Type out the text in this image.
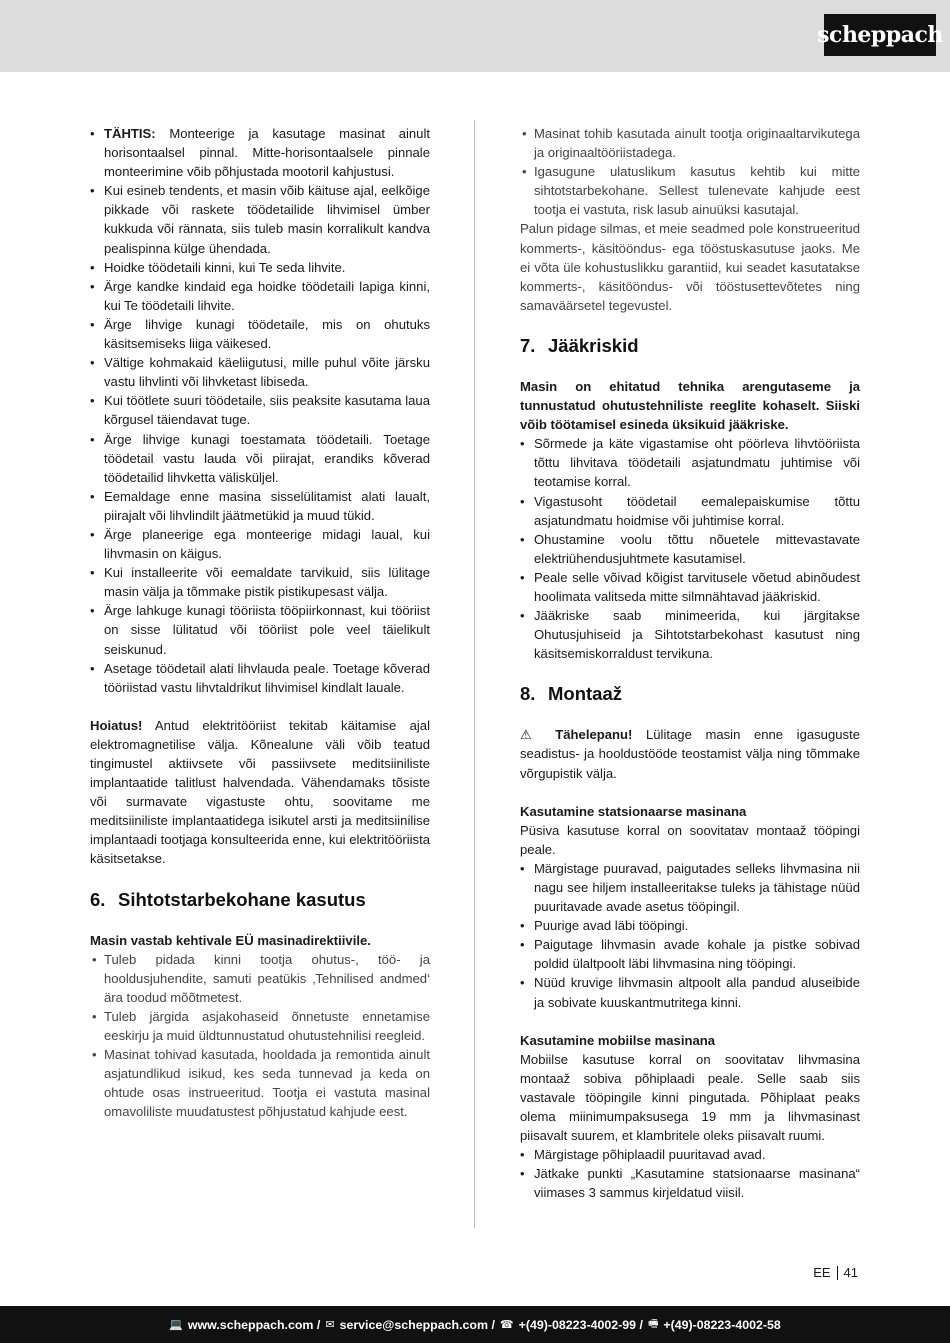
scheppach
• TÄHTIS: Monteerige ja kasutage masinat ainult horisontaalsel pinnal. Mitte-horisontaalsele pinnale monteerimine võib põhjustada mootoril kahjustusi.
• Kui esineb tendents, et masin võib käituse ajal, eelkõige pikkade või raskete töödetailide lihvimisel ümber kukkuda või rännata, siis tuleb masin korralikult kandva pealispinna külge ühendada.
• Hoidke töödetaili kinni, kui Te seda lihvite.
• Ärge kandke kindaid ega hoidke töödetaili lapiga kinni, kui Te töödetaili lihvite.
• Ärge lihvige kunagi töödetaile, mis on ohutuks käsitsemiseks liiga väikesed.
• Vältige kohmakaid käeliigutusi, mille puhul võite järsku vastu lihvlinti või lihvketast libiseda.
• Kui töötlete suuri töödetaile, siis peaksite kasutama laua kõrgusel täiendavat tuge.
• Ärge lihvige kunagi toestamata töödetaili. Toetage töödetail vastu lauda või piirajat, erandiks kõverad töödetailid lihvketta välisküljel.
• Eemaldage enne masina sisselülitamist alati laualt, piirajalt või lihvlindilt jäätmetükid ja muud tükid.
• Ärge planeerige ega monteerige midagi laual, kui lihvmasin on käigus.
• Kui installeerite või eemaldate tarvikuid, siis lülitage masin välja ja tõmmake pistik pistikupesast välja.
• Ärge lahkuge kunagi tööriista tööpiirkonnast, kui tööriist on sisse lülitatud või tööriist pole veel täielikult seiskunud.
• Asetage töödetail alati lihvlauda peale. Toetage kõverad tööriistad vastu lihvtaldrikut lihvimisel kindlalt lauale.

Hoiatus! Antud elektritööriist tekitab käitamise ajal elektromagnetilise välja. Kõnealune väli võib teatud tingimustel aktiivsete või passiivsete meditsiiniliste implantaatide talitlust halvendada. Vähendamaks tõsiste või surmavate vigastuste ohtu, soovitame me meditsiiniliste implantaatidega isikutel arsti ja meditsiinilise implantaadi tootjaga konsulteerida enne, kui elektritööriista käsitsetakse.

6. Sihtotstarbekohane kasutus

Masin vastab kehtivale EÜ masinadirektiivile.

• Tuleb pidada kinni tootja ohutus-, töö- ja hooldusjuhendite, samuti peatükis ‚Tehnilised andmed‘ ära toodud mõõtmetest.
• Tuleb järgida asjakohaseid õnnetuste ennetamise eeskirju ja muid üldtunnustatud ohutustehnilisi reegleid.
• Masinat tohivad kasutada, hooldada ja remontida ainult asjatundlikud isikud, kes seda tunnevad ja keda on ohtude osas instrueeritud. Tootja ei vastuta masinal omavoliliste muudatustest põhjustatud kahjude eest.
• Masinat tohib kasutada ainult tootja originaaltarvikutega ja originaaltööriistadega.
• Igasugune ulatuslikum kasutus kehtib kui mitte sihtotstarbekohane. Sellest tulenevate kahjude eest tootja ei vastuta, risk lasub ainuüksi kasutajal.

Palun pidage silmas, et meie seadmed pole konstrueeritud kommerts-, käsitööndus- ega tööstuskasutuse jaoks. Me ei võta üle kohustuslikku garantiid, kui seadet kasutatakse kommerts-, käsitööndus- või tööstusettevõtetes ning samaväärsetel tegevustel.

7. Jääkriskid

Masin on ehitatud tehnika arengutaseme ja tunnustatud ohutustehniliste reeglite kohaselt. Siiski võib töötamisel esineda üksikuid jääkriske.

• Sõrmede ja käte vigastamise oht pöörleva lihvtööriista tõttu lihvitava töödetaili asjatundmatu juhtimise või teotamise korral.
• Vigastusoht töödetail eemalepaiskumise tõttu asjatundmatu hoidmise või juhtimise korral.
• Ohustamine voolu tõttu nõuetele mittevastavate elektriühendusjuhtmete kasutamisel.
• Peale selle võivad kõigist tarvitusele võetud abinõudest hoolimata valitseda mitte silmnähtavad jääkriskid.
• Jääkriske saab minimeerida, kui järgitakse Ohutusjuhiseid ja Sihtotstarbekohast kasutust ning käsitsemiskorraldust tervikuna.
8. Montaaž

⚠ Tähelepanu! Lülitage masin enne igasuguste seadistus- ja hooldustööde teostamist välja ning tõmmake võrgupistik välja.

Kasutamine statsionaarse masinana

Püsiva kasutuse korral on soovitatav montaaž tööpingi peale.

• Märgistage puuravad, paigutades selleks lihvmasina nii nagu see hiljem installeeritakse tuleks ja tähistage nüüd puuritavade avade asetus tööpingil.
• Puurige avad läbi tööpingi.
• Paigutage lihvmasin avade kohale ja pistke sobivad poldid ülaltpoolt läbi lihvmasina ning tööpingi.
• Nüüd kruvige lihvmasin altpoolt alla pandud aluseibide ja sobivate kuuskantmutritega kinni.

Kasutamine mobiilse masinana

Mobiilse kasutuse korral on soovitatav lihvmasina montaaž sobiva põhiplaadi peale. Selle saab siis vastavale tööpingile kinni pingutada. Põhiplaat peaks olema miinimumpaksusega 19 mm ja lihvmasinast piisavalt suurem, et klambritele oleks piisavalt ruumi.

• Märgistage põhiplaadil puuritavad avad.
• Jätkake punkti „Kasutamine statsionaarse masinana“ viimases 3 sammus kirjeldatud viisil.
EE 41
💻 www.scheppach.com / ✉ service@scheppach.com / ☎ +(49)-08223-4002-99 / 🖷 +(49)-08223-4002-58
